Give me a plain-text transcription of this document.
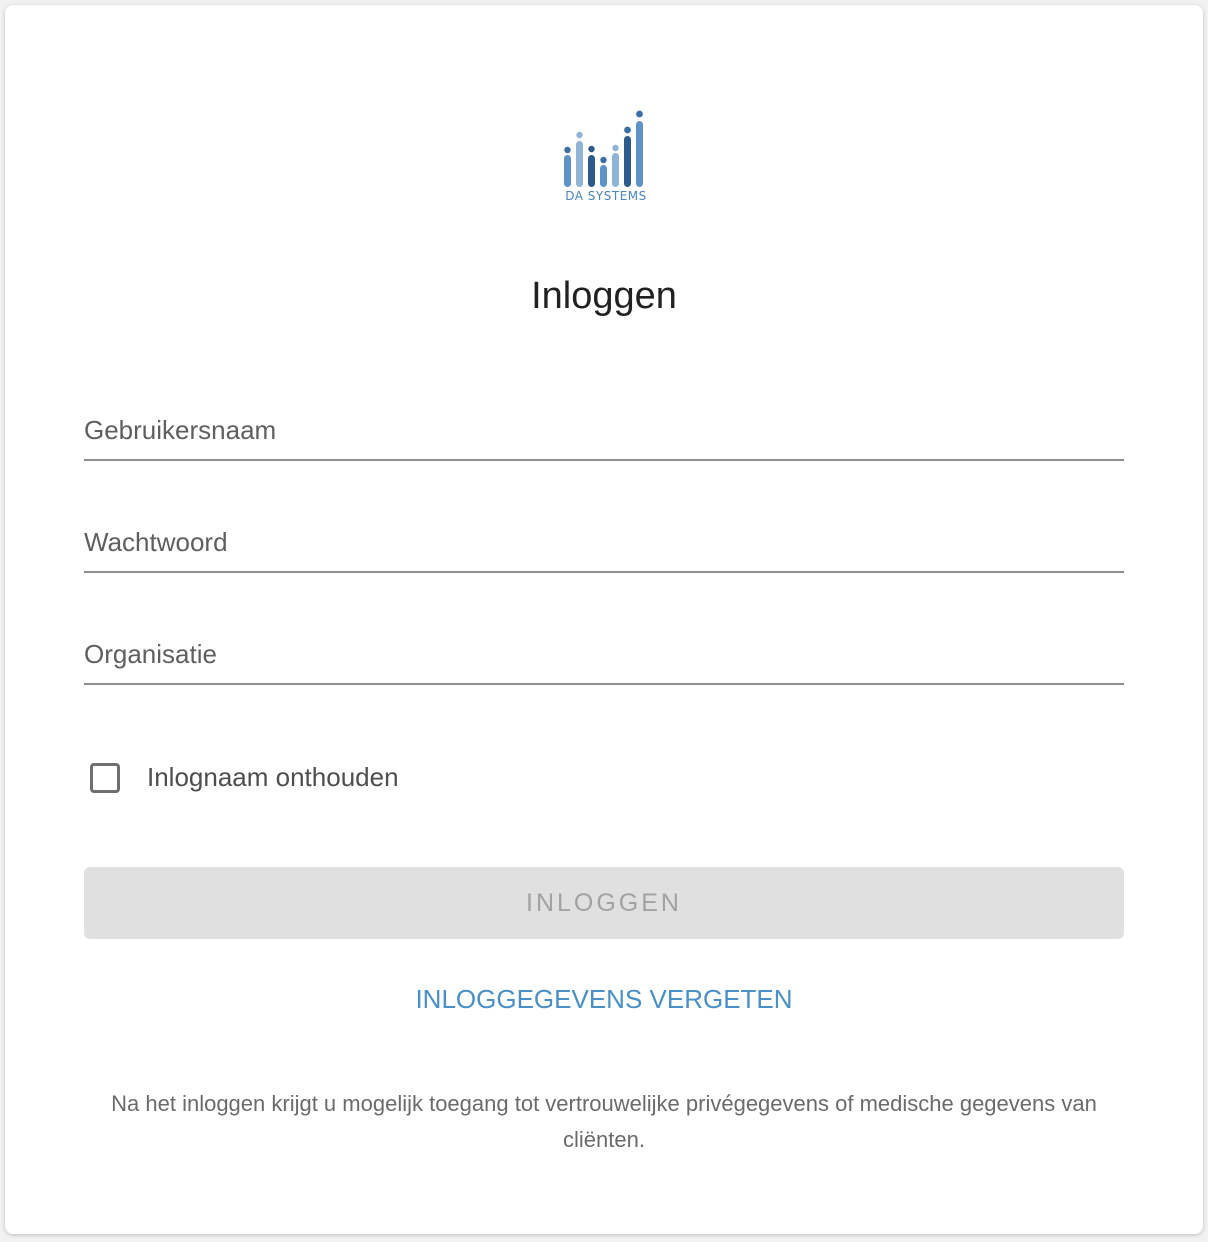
DA SYSTEMS
Inloggen
Gebruikersnaam
Organisatie
Inlognaam onthouden
INLOGGEN
INLOGGEGEVENS VERGETEN
Na het inloggen krijgt u mogelijk toegang tot vertrouwelijke privégegevens of medische gegevens van cliënten.
